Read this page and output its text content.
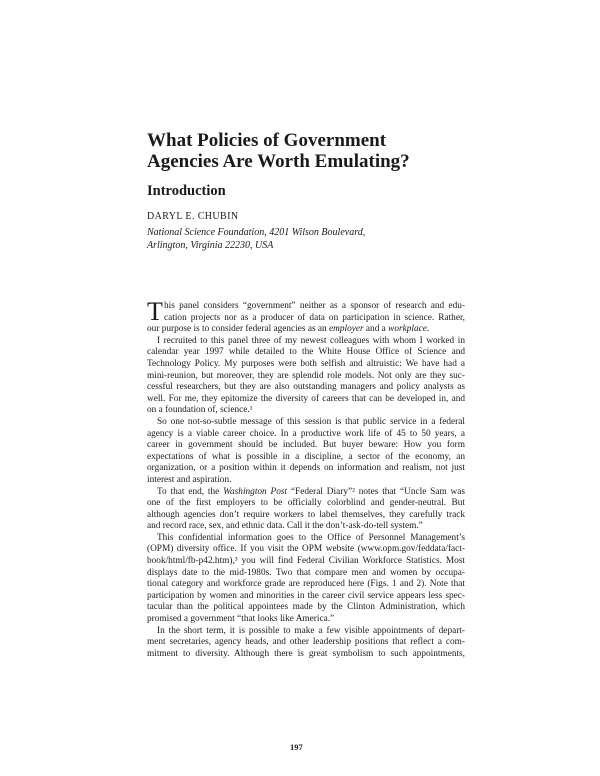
What Policies of Government
Agencies Are Worth Emulating?
Introduction
DARYL E. CHUBIN
National Science Foundation, 4201 Wilson Boulevard,
Arlington, Virginia 22230, USA
T his panel considers “government” neither as a sponsor of research and edu-
cation projects nor as a producer of data on participation in science. Rather,
our purpose is to consider federal agencies as an employer and a workplace.
I recruited to this panel three of my newest colleagues with whom I worked in
calendar year 1997 while detailed to the White House Office of Science and
Technology Policy. My purposes were both selfish and altruistic: We have had a
mini-reunion, but moreover, they are splendid role models. Not only are they suc-
cessful researchers, but they are also outstanding managers and policy analysts as
well. For me, they epitomize the diversity of careers that can be developed in, and
on a foundation of, science.¹
So one not-so-subtle message of this session is that public service in a federal
agency is a viable career choice. In a productive work life of 45 to 50 years, a
career in government should be included. But buyer beware: How you form
expectations of what is possible in a discipline, a sector of the economy, an
organization, or a position within it depends on information and realism, not just
interest and aspiration.
To that end, the Washington Post “Federal Diary”² notes that “Uncle Sam was
one of the first employers to be officially colorblind and gender-neutral. But
although agencies don’t require workers to label themselves, they carefully track
and record race, sex, and ethnic data. Call it the don’t-ask-do-tell system.”
This confidential information goes to the Office of Personnel Management’s
(OPM) diversity office. If you visit the OPM website (www.opm.gov/feddata/fact-
book/html/fb-p42.htm),³ you will find Federal Civilian Workforce Statistics. Most
displays date to the mid-1980s. Two that compare men and women by occupa-
tional category and workforce grade are reproduced here (Figs. 1 and 2). Note that
participation by women and minorities in the career civil service appears less spec-
tacular than the political appointees made by the Clinton Administration, which
promised a government “that looks like America.”
In the short term, it is possible to make a few visible appointments of depart-
ment secretaries, agency heads, and other leadership positions that reflect a com-
mitment to diversity. Although there is great symbolism to such appointments,
197
